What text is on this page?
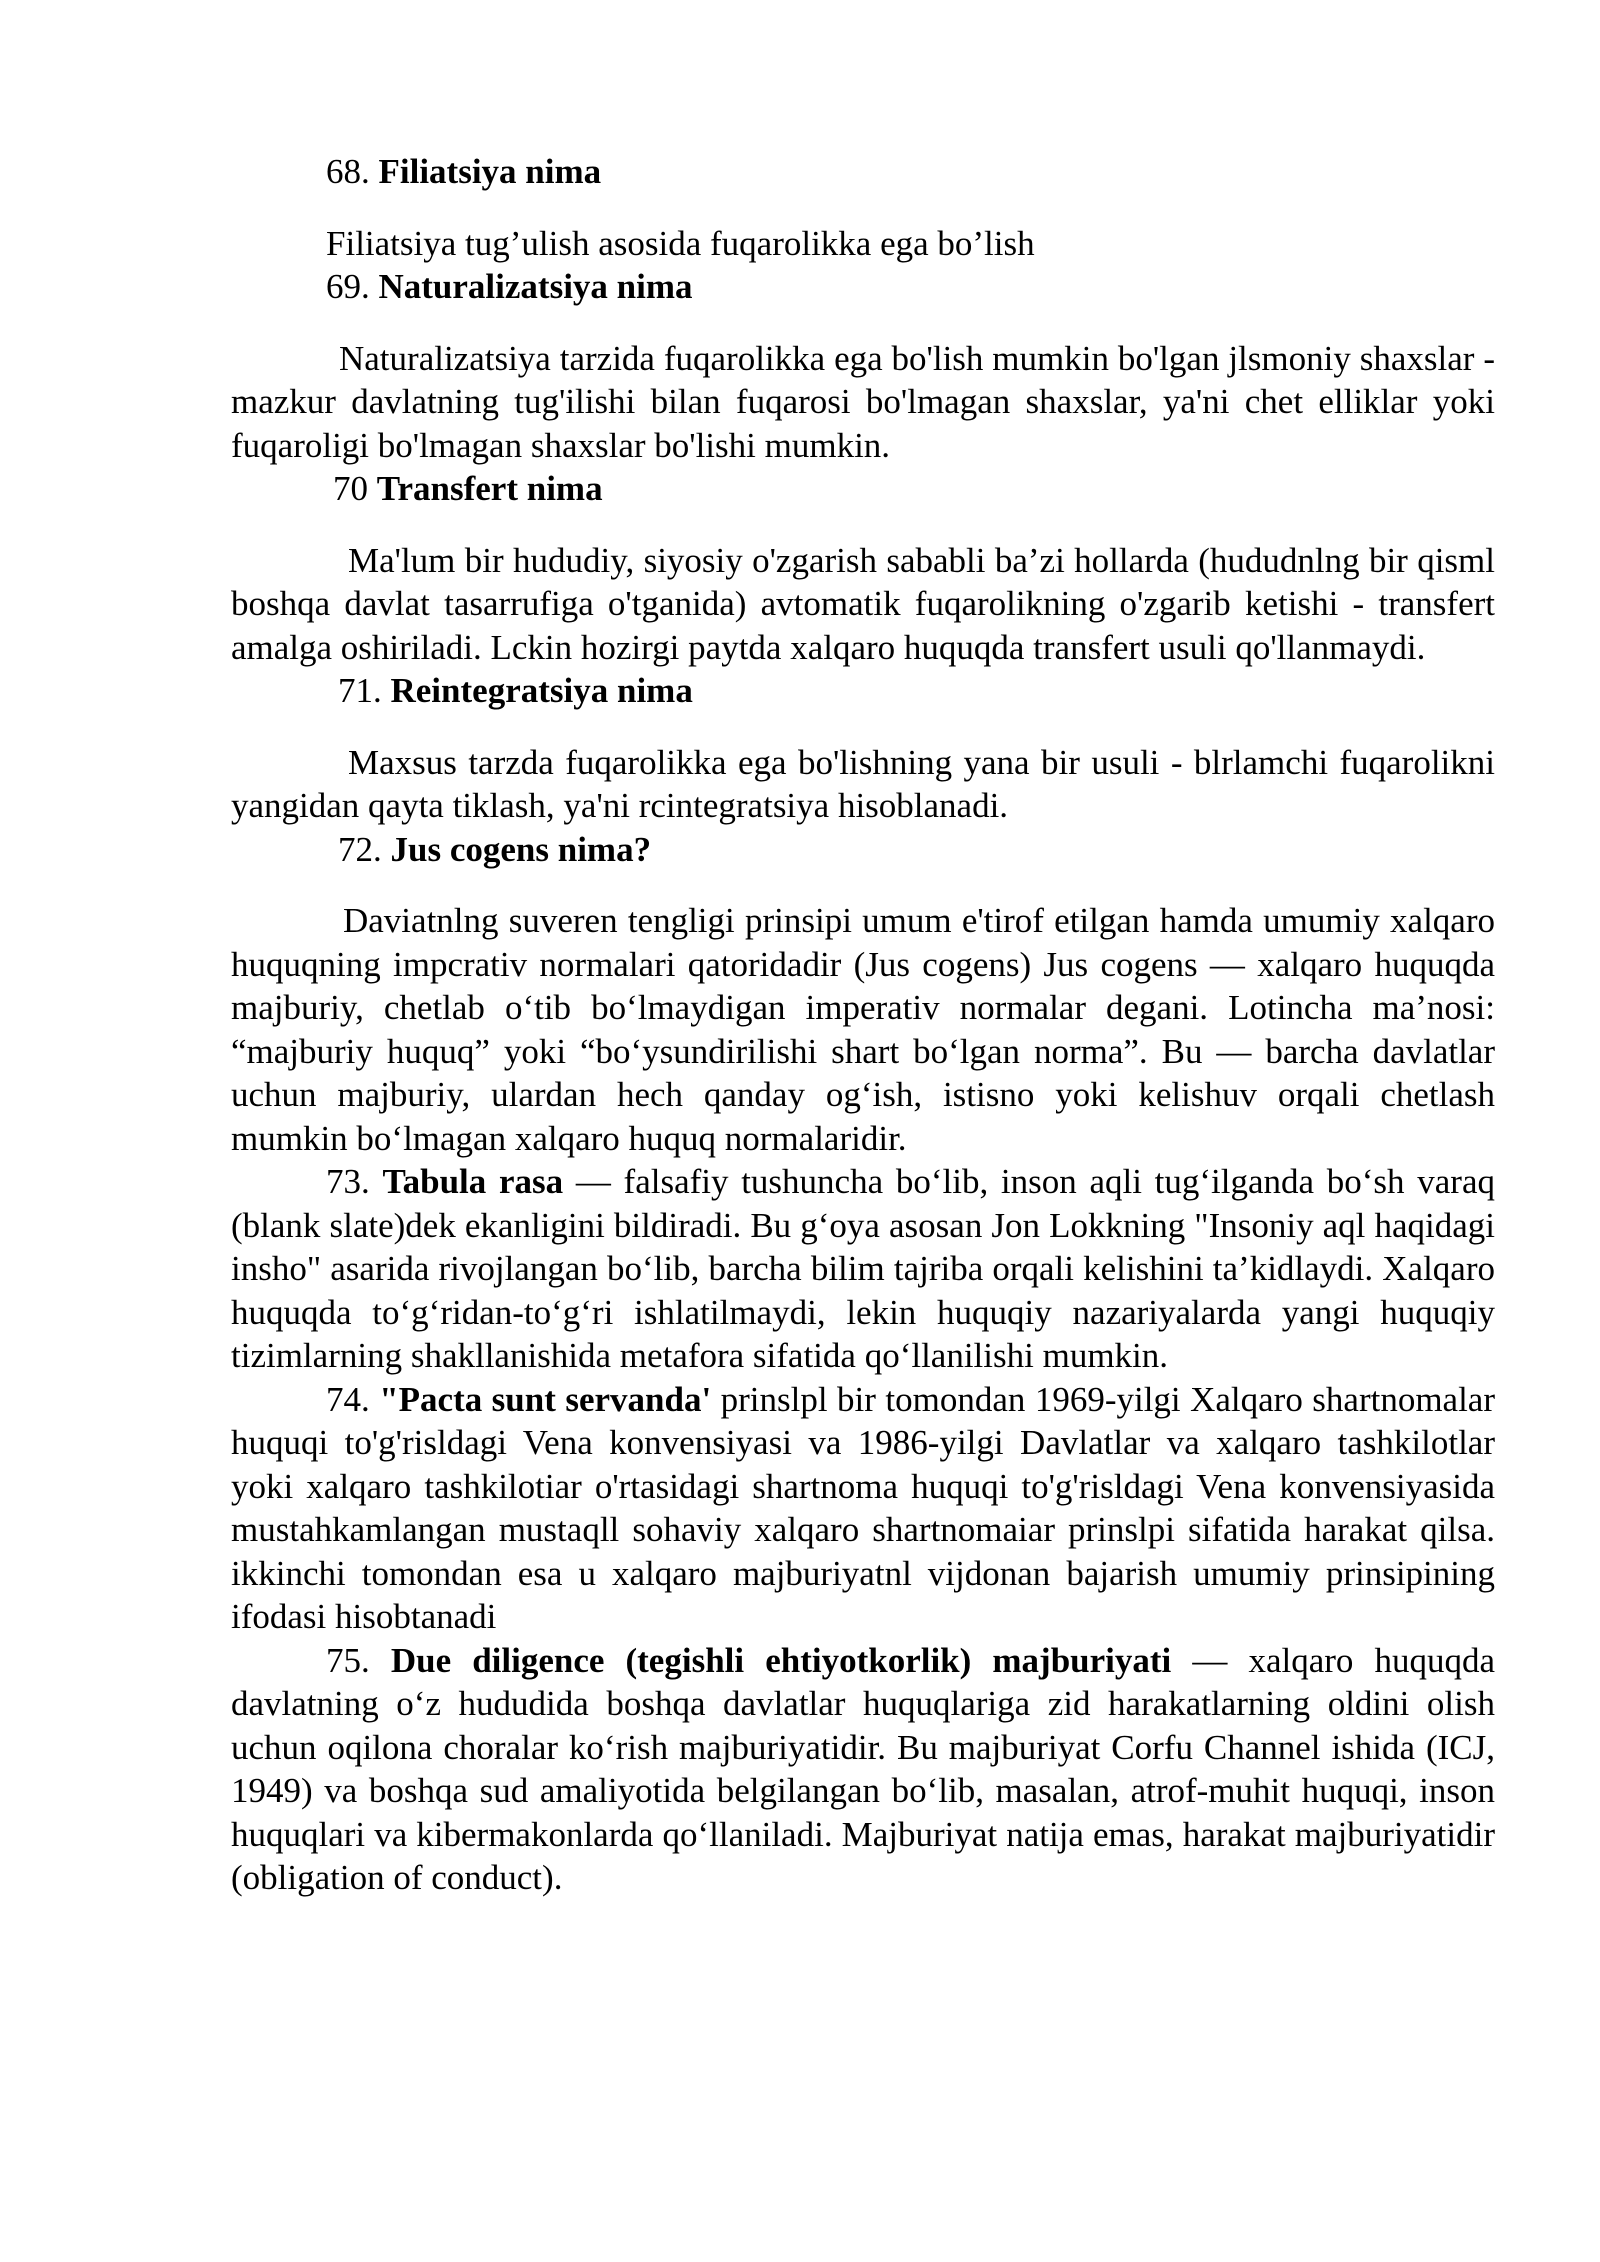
68. Filiatsiya nima

Filiatsiya tug’ulish asosida fuqarolikka ega bo’lish

69. Naturalizatsiya nima

Naturalizatsiya tarzida fuqarolikka ega bo'lish mumkin bo'lgan jlsmoniy shaxslar - mazkur davlatning tug'ilishi bilan fuqarosi bo'lmagan shaxslar, ya'ni chet elliklar yoki fuqaroligi bo'lmagan shaxslar bo'lishi mumkin.

70 Transfert nima

Ma'lum bir hududiy, siyosiy o'zgarish sababli ba’zi hollarda (hududnlng bir qisml boshqa davlat tasarrufiga o'tganida) avtomatik fuqarolikning o'zgarib ketishi - transfert amalga oshiriladi. Lckin hozirgi paytda xalqaro huquqda transfert usuli qo'llanmaydi.

71. Reintegratsiya nima

Maxsus tarzda fuqarolikka ega bo'lishning yana bir usuli - blrlamchi fuqarolikni yangidan qayta tiklash, ya'ni rcintegratsiya hisoblanadi.

72. Jus cogens nima?

Daviatnlng suveren tengligi prinsipi umum e'tirof etilgan hamda umumiy xalqaro huquqning impcrativ normalari qatoridadir (Jus cogens) Jus cogens — xalqaro huquqda majburiy, chetlab o‘tib bo‘lmaydigan imperativ normalar degani. Lotincha ma’nosi: “majburiy huquq” yoki “bo‘ysundirilishi shart bo‘lgan norma”. Bu — barcha davlatlar uchun majburiy, ulardan hech qanday og‘ish, istisno yoki kelishuv orqali chetlash mumkin bo‘lmagan xalqaro huquq normalaridir.

73. Tabula rasa — falsafiy tushuncha bo‘lib, inson aqli tug‘ilganda bo‘sh varaq (blank slate)dek ekanligini bildiradi. Bu g‘oya asosan Jon Lokkning "Insoniy aql haqidagi insho" asarida rivojlangan bo‘lib, barcha bilim tajriba orqali kelishini ta’kidlaydi. Xalqaro huquqda to‘g‘ridan-to‘g‘ri ishlatilmaydi, lekin huquqiy nazariyalarda yangi huquqiy tizimlarning shakllanishida metafora sifatida qo‘llanilishi mumkin.

74. "Pacta sunt servanda' prinslpl bir tomondan 1969-yilgi Xalqaro shartnomalar huquqi to'g'risldagi Vena konvensiyasi va 1986-yilgi Davlatlar va xalqaro tashkilotlar yoki xalqaro tashkilotiar o'rtasidagi shartnoma huquqi to'g'risldagi Vena konvensiyasida mustahkamlangan mustaqll sohaviy xalqaro shartnomaiar prinslpi sifatida harakat qilsa. ikkinchi tomondan esa u xalqaro majburiyatnl vijdonan bajarish umumiy prinsipining ifodasi hisobtanadi

75. Due diligence (tegishli ehtiyotkorlik) majburiyati — xalqaro huquqda davlatning o‘z hududida boshqa davlatlar huquqlariga zid harakatlarning oldini olish uchun oqilona choralar ko‘rish majburiyatidir. Bu majburiyat Corfu Channel ishida (ICJ, 1949) va boshqa sud amaliyotida belgilangan bo‘lib, masalan, atrof-muhit huquqi, inson huquqlari va kibermakonlarda qo‘llaniladi. Majburiyat natija emas, harakat majburiyatidir (obligation of conduct).
